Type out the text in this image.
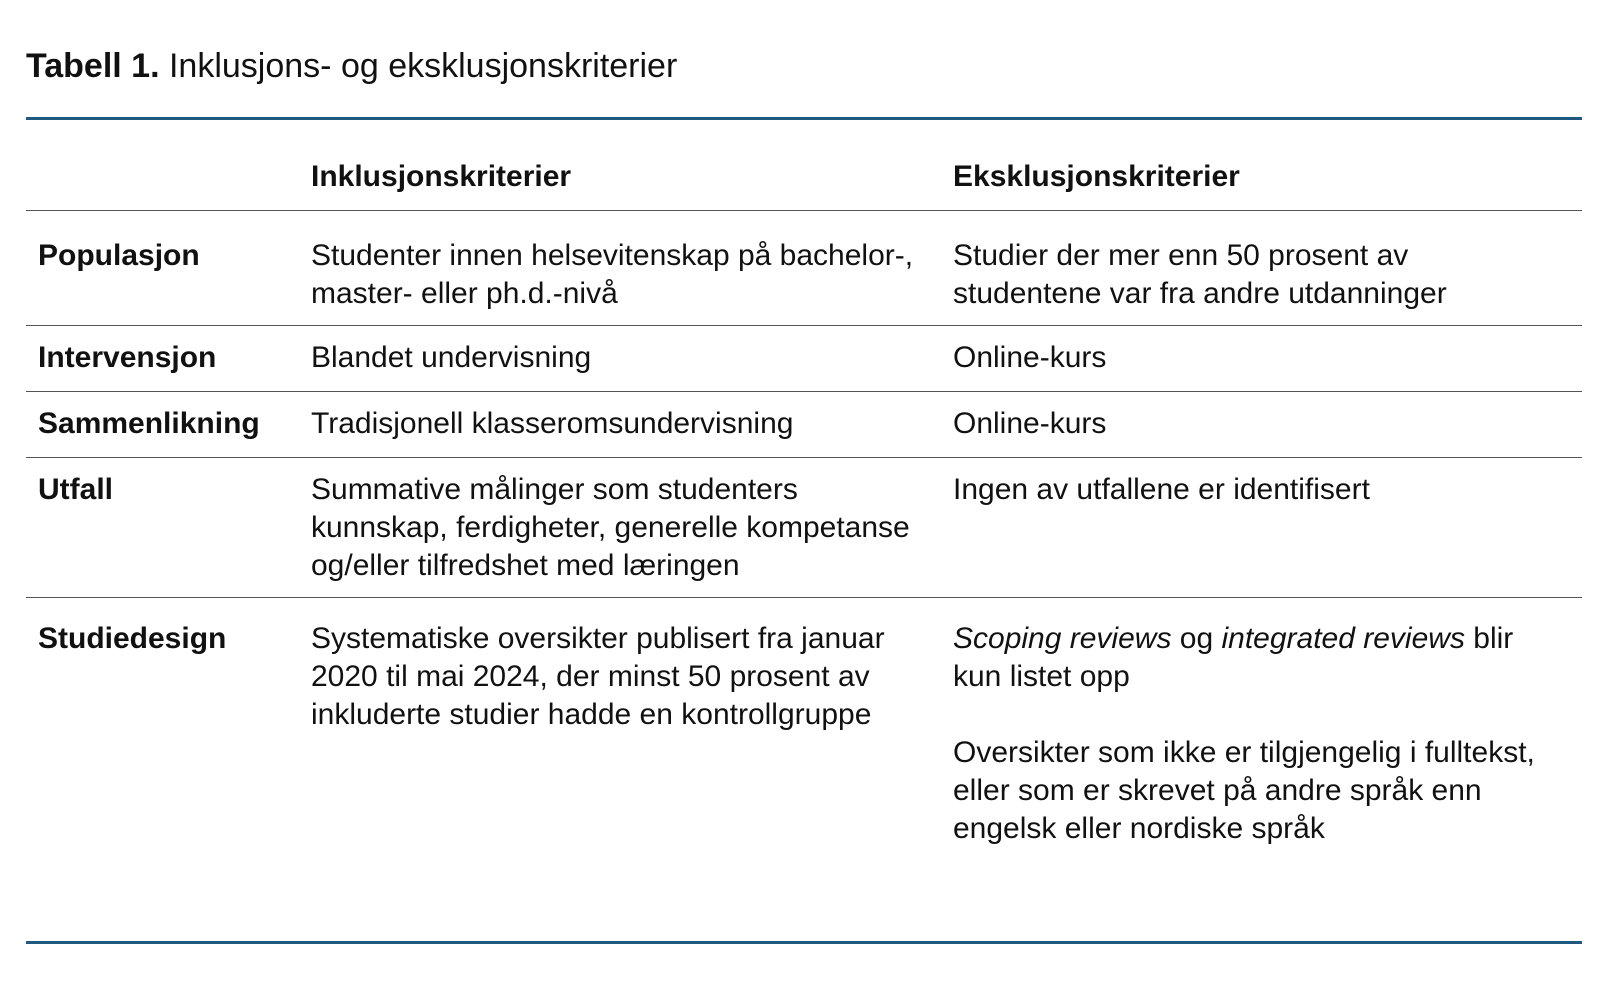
Tabell 1. Inklusjons- og eksklusjonskriterier
	Inklusjonskriterier	Eksklusjonskriterier
Populasjon	Studenter innen helsevitenskap på bachelor-, master- eller ph.d.-nivå	Studier der mer enn 50 prosent av studentene var fra andre utdanninger
Intervensjon	Blandet undervisning	Online-kurs
Sammenlikning	Tradisjonell klasseromsundervisning	Online-kurs
Utfall	Summative målinger som studenters kunnskap, ferdigheter, generelle kompetanse og/eller tilfredshet med læringen	Ingen av utfallene er identifisert
Studiedesign	Systematiske oversikter publisert fra januar 2020 til mai 2024, der minst 50 prosent av inkluderte studier hadde en kontrollgruppe	Scoping reviews og integrated reviews blir kun listet opp
Oversikter som ikke er tilgjengelig i fulltekst, eller som er skrevet på andre språk enn engelsk eller nordiske språk
